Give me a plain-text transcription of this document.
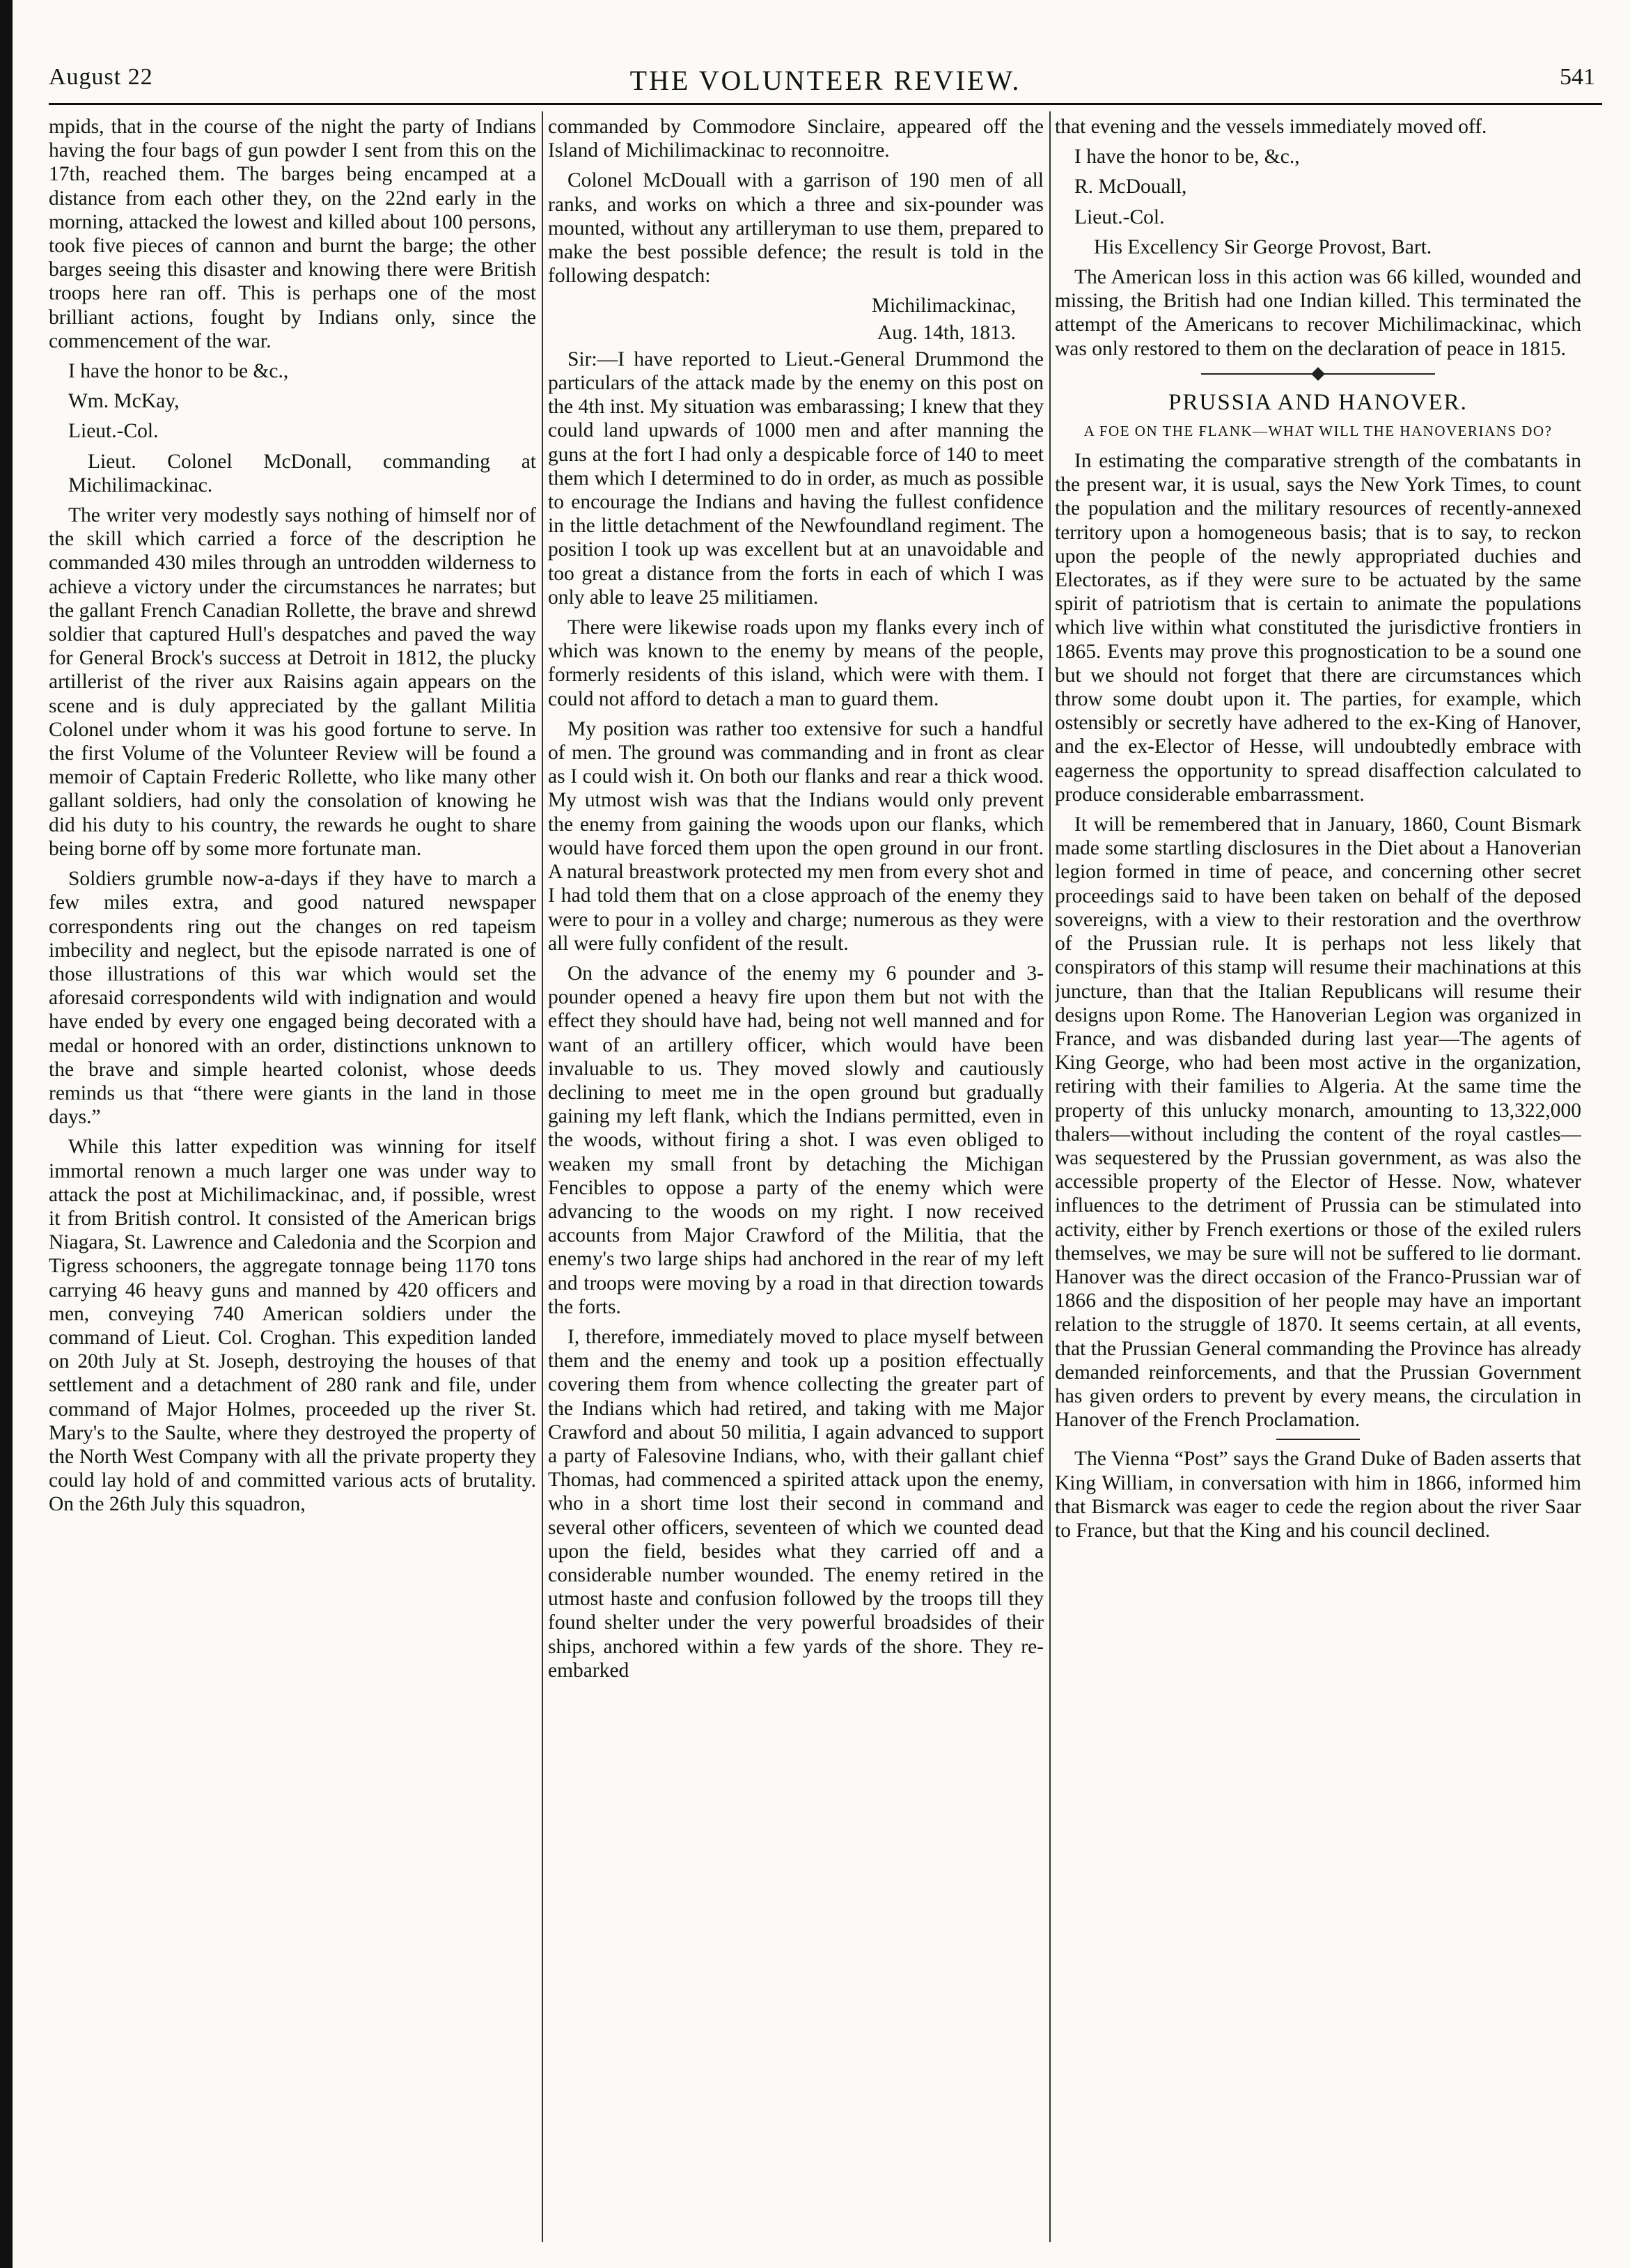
August 22	THE VOLUNTEER REVIEW.	541

mpids, that in the course of the night the party of Indians having the four bags of gun powder I sent from this on the 17th, reached them. The barges being encamped at a distance from each other they, on the 22nd early in the morning, attacked the lowest and killed about 100 persons, took five pieces of cannon and burnt the barge; the other barges seeing this disaster and knowing there were British troops here ran off. This is perhaps one of the most brilliant actions, fought by Indians only, since the commencement of the war.

I have the honor to be &c.,

Wm. McKay,

Lieut.-Col.

Lieut. Colonel McDonall, commanding at Michilimackinac.

The writer very modestly says nothing of himself nor of the skill which carried a force of the description he commanded 430 miles through an untrodden wilderness to achieve a victory under the circumstances he narrates; but the gallant French Canadian Rollette, the brave and shrewd soldier that captured Hull's despatches and paved the way for General Brock's success at Detroit in 1812, the plucky artillerist of the river aux Raisins again appears on the scene and is duly appreciated by the gallant Militia Colonel under whom it was his good fortune to serve. In the first Volume of the Volunteer Review will be found a memoir of Captain Frederic Rollette, who like many other gallant soldiers, had only the consolation of knowing he did his duty to his country, the rewards he ought to share being borne off by some more fortunate man.

Soldiers grumble now-a-days if they have to march a few miles extra, and good natured newspaper correspondents ring out the changes on red tapeism imbecility and neglect, but the episode narrated is one of those illustrations of this war which would set the aforesaid correspondents wild with indignation and would have ended by every one engaged being decorated with a medal or honored with an order, distinctions unknown to the brave and simple hearted colonist, whose deeds reminds us that “there were giants in the land in those days.”

While this latter expedition was winning for itself immortal renown a much larger one was under way to attack the post at Michilimackinac, and, if possible, wrest it from British control. It consisted of the American brigs Niagara, St. Lawrence and Caledonia and the Scorpion and Tigress schooners, the aggregate tonnage being 1170 tons carrying 46 heavy guns and manned by 420 officers and men, conveying 740 American soldiers under the command of Lieut. Col. Croghan. This expedition landed on 20th July at St. Joseph, destroying the houses of that settlement and a detachment of 280 rank and file, under command of Major Holmes, proceeded up the river St. Mary's to the Saulte, where they destroyed the property of the North West Company with all the private property they could lay hold of and committed various acts of brutality. On the 26th July this squadron,

commanded by Commodore Sinclaire, appeared off the Island of Michilimackinac to reconnoitre.

Colonel McDouall with a garrison of 190 men of all ranks, and works on which a three and six-pounder was mounted, without any artilleryman to use them, prepared to make the best possible defence; the result is told in the following despatch:

Michilimackinac,
Aug. 14th, 1813.

Sir:—I have reported to Lieut.-General Drummond the particulars of the attack made by the enemy on this post on the 4th inst. My situation was embarassing; I knew that they could land upwards of 1000 men and after manning the guns at the fort I had only a despicable force of 140 to meet them which I determined to do in order, as much as possible to encourage the Indians and having the fullest confidence in the little detachment of the Newfoundland regiment. The position I took up was excellent but at an unavoidable and too great a distance from the forts in each of which I was only able to leave 25 militiamen.

There were likewise roads upon my flanks every inch of which was known to the enemy by means of the people, formerly residents of this island, which were with them. I could not afford to detach a man to guard them.

My position was rather too extensive for such a handful of men. The ground was commanding and in front as clear as I could wish it. On both our flanks and rear a thick wood. My utmost wish was that the Indians would only prevent the enemy from gaining the woods upon our flanks, which would have forced them upon the open ground in our front. A natural breastwork protected my men from every shot and I had told them that on a close approach of the enemy they were to pour in a volley and charge; numerous as they were all were fully confident of the result.

On the advance of the enemy my 6 pounder and 3-pounder opened a heavy fire upon them but not with the effect they should have had, being not well manned and for want of an artillery officer, which would have been invaluable to us. They moved slowly and cautiously declining to meet me in the open ground but gradually gaining my left flank, which the Indians permitted, even in the woods, without firing a shot. I was even obliged to weaken my small front by detaching the Michigan Fencibles to oppose a party of the enemy which were advancing to the woods on my right. I now received accounts from Major Crawford of the Militia, that the enemy's two large ships had anchored in the rear of my left and troops were moving by a road in that direction towards the forts.

I, therefore, immediately moved to place myself between them and the enemy and took up a position effectually covering them from whence collecting the greater part of the Indians which had retired, and taking with me Major Crawford and about 50 militia, I again advanced to support a party of Falesovine Indians, who, with their gallant chief Thomas, had commenced a spirited attack upon the enemy, who in a short time lost their second in command and several other officers, seventeen of which we counted dead upon the field, besides what they carried off and a considerable number wounded. The enemy retired in the utmost haste and confusion followed by the troops till they found shelter under the very powerful broadsides of their ships, anchored within a few yards of the shore. They re-embarked

that evening and the vessels immediately moved off.

I have the honor to be, &c.,

R. McDouall,

Lieut.-Col.

His Excellency Sir George Provost, Bart.

The American loss in this action was 66 killed, wounded and missing, the British had one Indian killed. This terminated the attempt of the Americans to recover Michilimackinac, which was only restored to them on the declaration of peace in 1815.

PRUSSIA AND HANOVER.
A FOE ON THE FLANK—WHAT WILL THE HANOVERIANS DO?

In estimating the comparative strength of the combatants in the present war, it is usual, says the New York Times, to count the population and the military resources of recently-annexed territory upon a homogeneous basis; that is to say, to reckon upon the people of the newly appropriated duchies and Electorates, as if they were sure to be actuated by the same spirit of patriotism that is certain to animate the populations which live within what constituted the jurisdictive frontiers in 1865. Events may prove this prognostication to be a sound one but we should not forget that there are circumstances which throw some doubt upon it. The parties, for example, which ostensibly or secretly have adhered to the ex-King of Hanover, and the ex-Elector of Hesse, will undoubtedly embrace with eagerness the opportunity to spread disaffection calculated to produce considerable embarrassment.

It will be remembered that in January, 1860, Count Bismark made some startling disclosures in the Diet about a Hanoverian legion formed in time of peace, and concerning other secret proceedings said to have been taken on behalf of the deposed sovereigns, with a view to their restoration and the overthrow of the Prussian rule. It is perhaps not less likely that conspirators of this stamp will resume their machinations at this juncture, than that the Italian Republicans will resume their designs upon Rome. The Hanoverian Legion was organized in France, and was disbanded during last year—The agents of King George, who had been most active in the organization, retiring with their families to Algeria. At the same time the property of this unlucky monarch, amounting to 13,322,000 thalers—without including the content of the royal castles—was sequestered by the Prussian government, as was also the accessible property of the Elector of Hesse. Now, whatever influences to the detriment of Prussia can be stimulated into activity, either by French exertions or those of the exiled rulers themselves, we may be sure will not be suffered to lie dormant. Hanover was the direct occasion of the Franco-Prussian war of 1866 and the disposition of her people may have an important relation to the struggle of 1870. It seems certain, at all events, that the Prussian General commanding the Province has already demanded reinforcements, and that the Prussian Government has given orders to prevent by every means, the circulation in Hanover of the French Proclamation.

The Vienna “Post” says the Grand Duke of Baden asserts that King William, in conversation with him in 1866, informed him that Bismarck was eager to cede the region about the river Saar to France, but that the King and his council declined.
